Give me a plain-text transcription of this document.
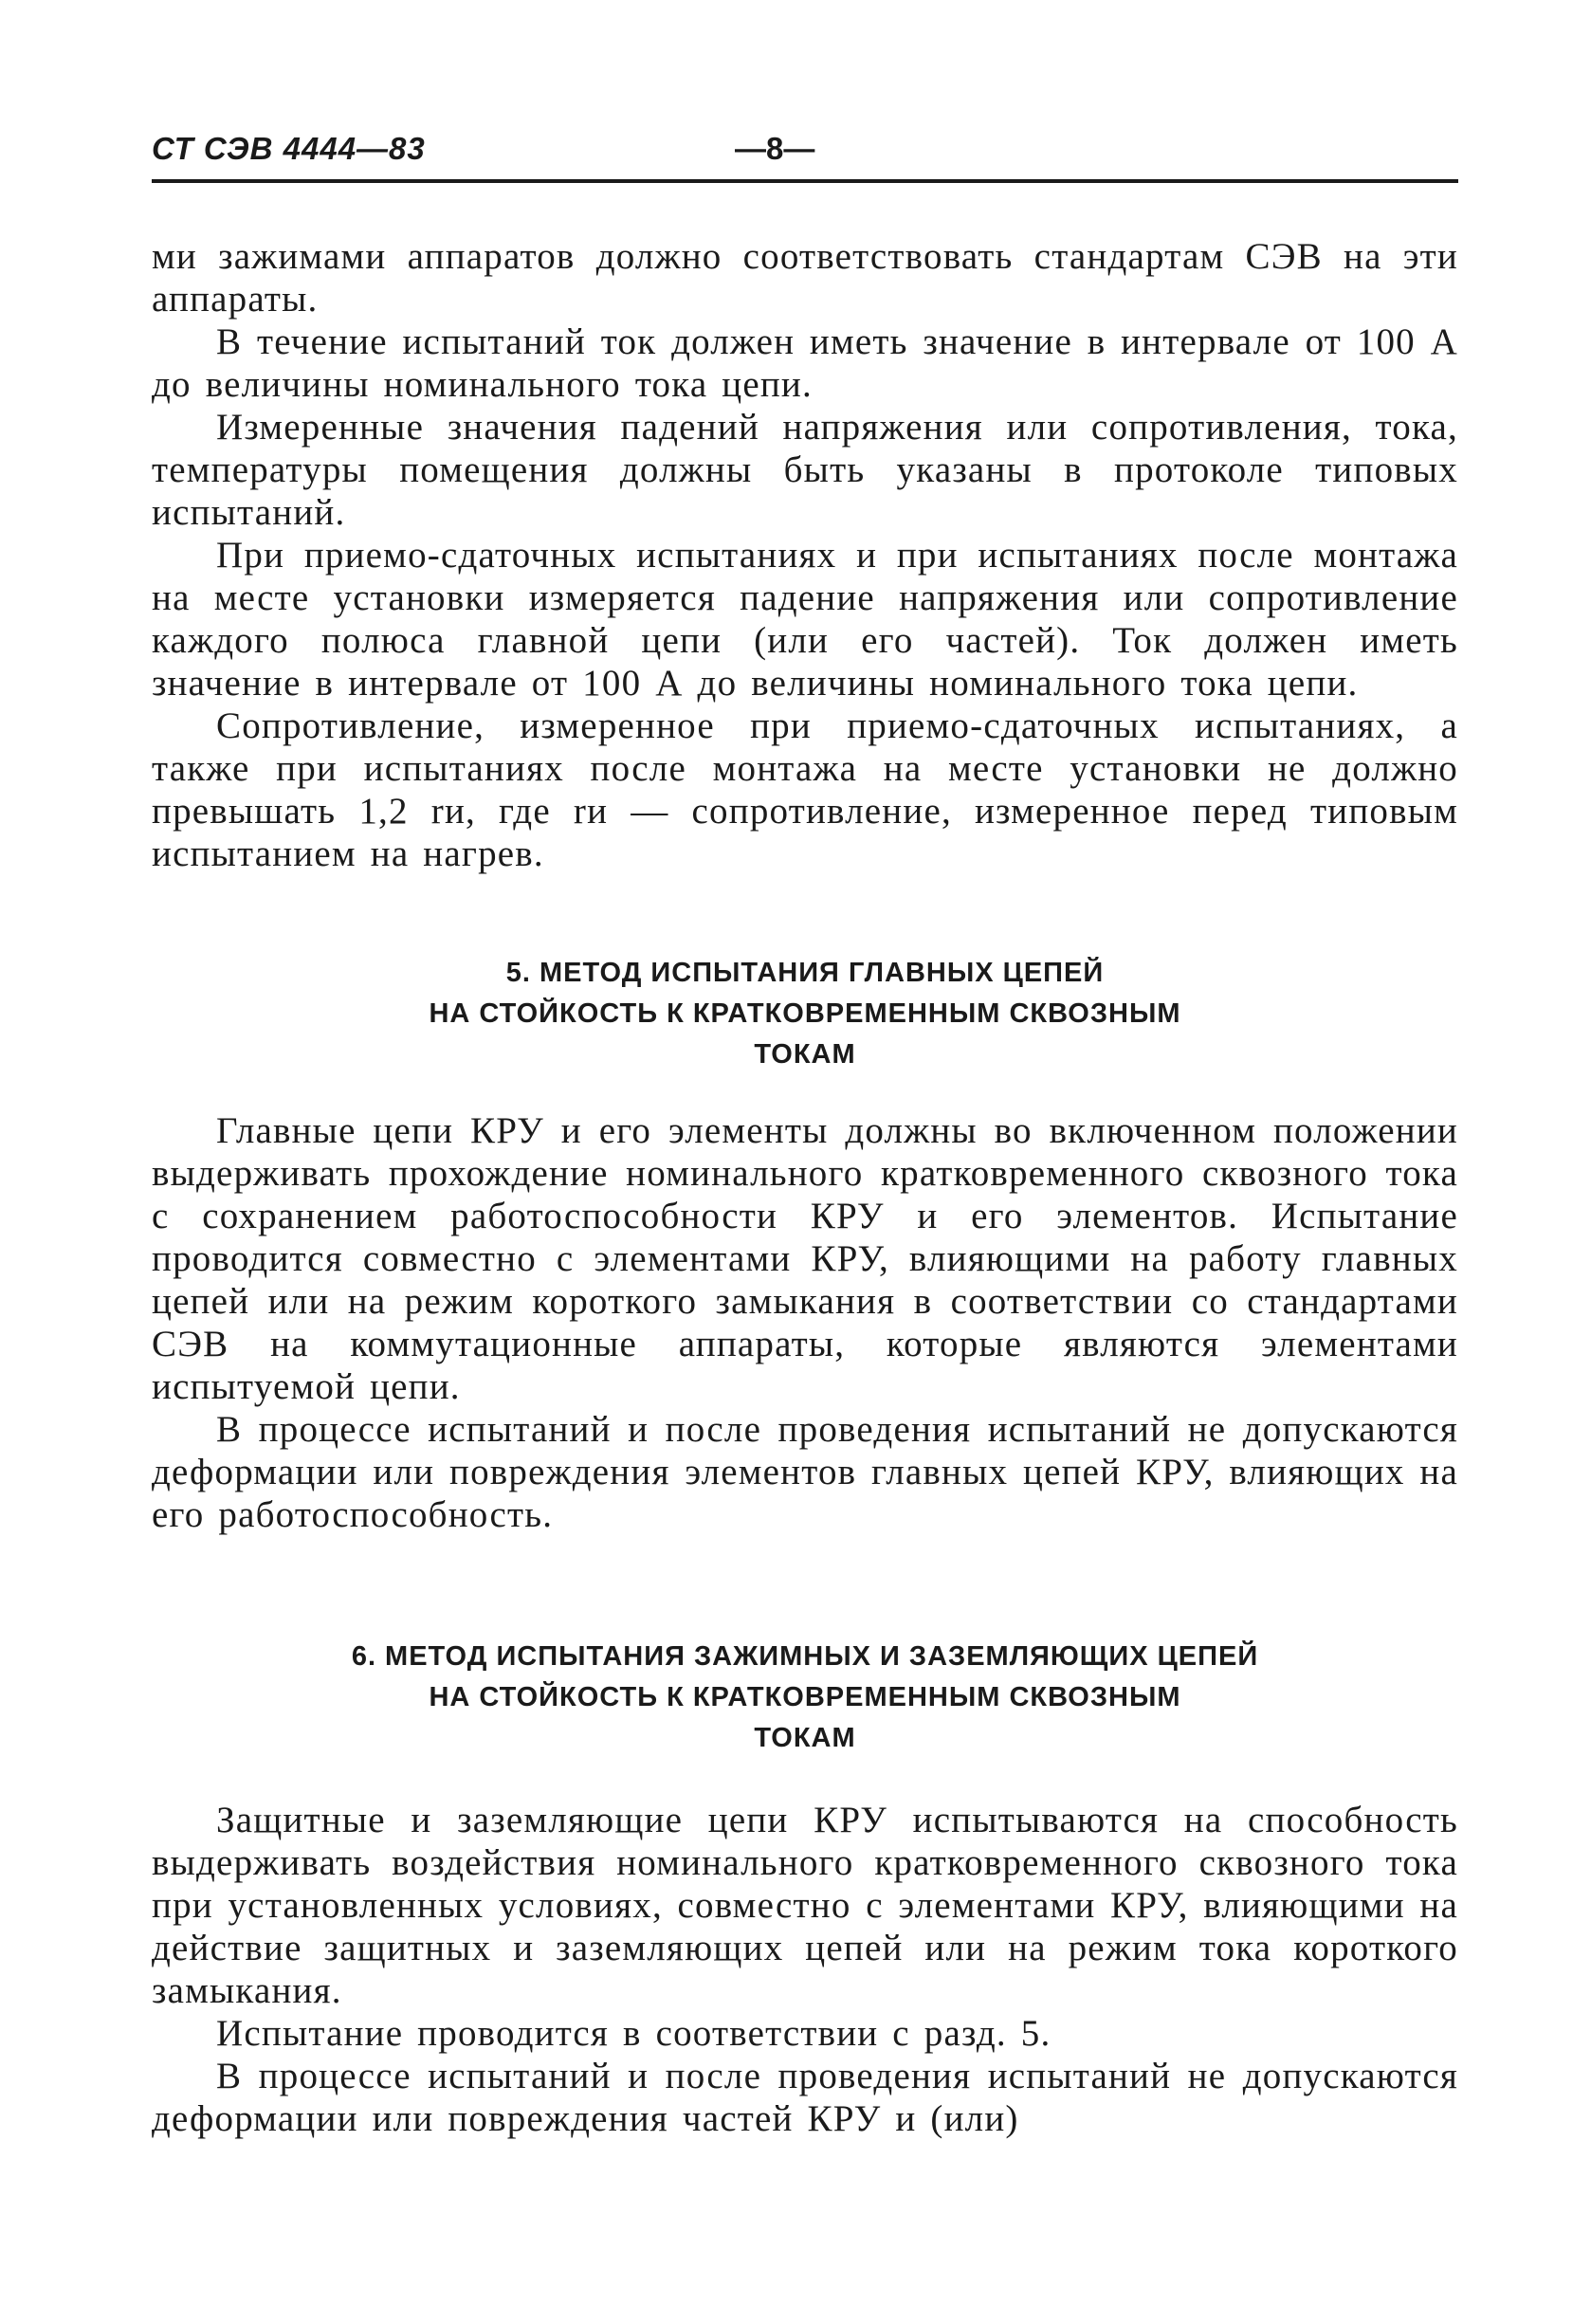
СТ СЭВ 4444—83	—8—

ми зажимами аппаратов должно соответствовать стандартам СЭВ на эти аппараты.

В течение испытаний ток должен иметь значение в интервале от 100 А до величины номинального тока цепи.

Измеренные значения падений напряжения или сопротивления, тока, температуры помещения должны быть указаны в протоколе типовых испытаний.

При приемо-сдаточных испытаниях и при испытаниях после монтажа на месте установки измеряется падение напряжения или сопротивление каждого полюса главной цепи (или его частей). Ток должен иметь значение в интервале от 100 А до величины номинального тока цепи.

Сопротивление, измеренное при приемо-сдаточных испытаниях, а также при испытаниях после монтажа на месте установки не должно превышать 1,2 rи, где rи — сопротивление, измеренное перед типовым испытанием на нагрев.

5. МЕТОД ИСПЫТАНИЯ ГЛАВНЫХ ЦЕПЕЙ
НА СТОЙКОСТЬ К КРАТКОВРЕМЕННЫМ СКВОЗНЫМ
ТОКАМ

Главные цепи КРУ и его элементы должны во включенном положении выдерживать прохождение номинального кратковременного сквозного тока с сохранением работоспособности КРУ и его элементов. Испытание проводится совместно с элементами КРУ, влияющими на работу главных цепей или на режим короткого замыкания в соответствии со стандартами СЭВ на коммутационные аппараты, которые являются элементами испытуемой цепи.

В процессе испытаний и после проведения испытаний не допускаются деформации или повреждения элементов главных цепей КРУ, влияющих на его работоспособность.

6. МЕТОД ИСПЫТАНИЯ ЗАЖИМНЫХ И ЗАЗЕМЛЯЮЩИХ ЦЕПЕЙ
НА СТОЙКОСТЬ К КРАТКОВРЕМЕННЫМ СКВОЗНЫМ
ТОКАМ

Защитные и заземляющие цепи КРУ испытываются на способность выдерживать воздействия номинального кратковременного сквозного тока при установленных условиях, совместно с элементами КРУ, влияющими на действие защитных и заземляющих цепей или на режим тока короткого замыкания.

Испытание проводится в соответствии с разд. 5.

В процессе испытаний и после проведения испытаний не допускаются деформации или повреждения частей КРУ и (или)
